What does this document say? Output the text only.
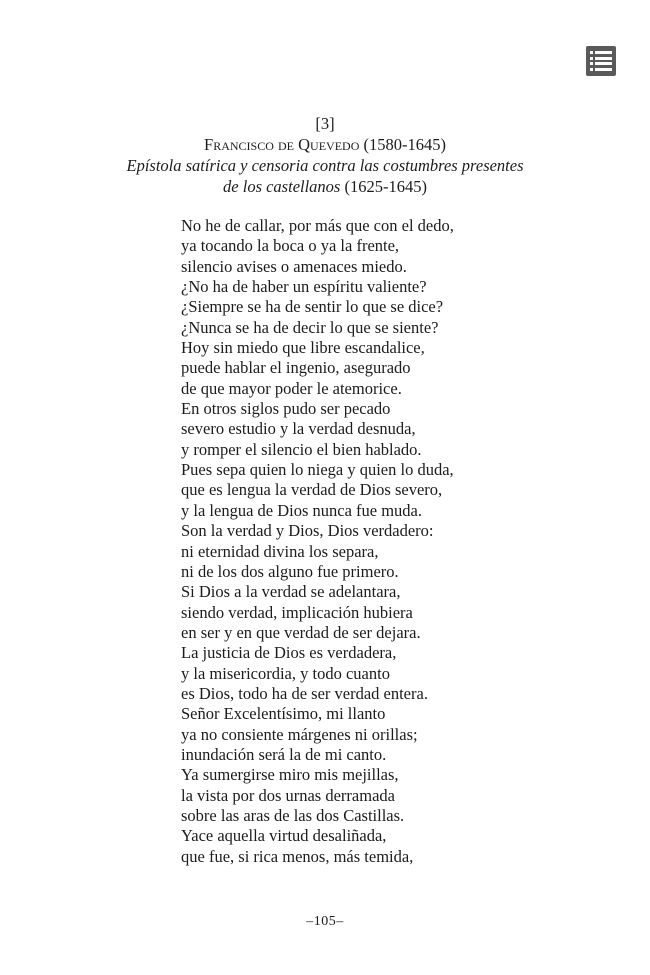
[3]
Francisco de Quevedo (1580-1645)
Epístola satírica y censoria contra las costumbres presentes
de los castellanos (1625-1645)
No he de callar, por más que con el dedo,
ya tocando la boca o ya la frente,
silencio avises o amenaces miedo.
¿No ha de haber un espíritu valiente?
¿Siempre se ha de sentir lo que se dice?
¿Nunca se ha de decir lo que se siente?
Hoy sin miedo que libre escandalice,
puede hablar el ingenio, asegurado
de que mayor poder le atemorice.
En otros siglos pudo ser pecado
severo estudio y la verdad desnuda,
y romper el silencio el bien hablado.
Pues sepa quien lo niega y quien lo duda,
que es lengua la verdad de Dios severo,
y la lengua de Dios nunca fue muda.
Son la verdad y Dios, Dios verdadero:
ni eternidad divina los separa,
ni de los dos alguno fue primero.
Si Dios a la verdad se adelantara,
siendo verdad, implicación hubiera
en ser y en que verdad de ser dejara.
La justicia de Dios es verdadera,
y la misericordia, y todo cuanto
es Dios, todo ha de ser verdad entera.
Señor Excelentísimo, mi llanto
ya no consiente márgenes ni orillas;
inundación será la de mi canto.
Ya sumergirse miro mis mejillas,
la vista por dos urnas derramada
sobre las aras de las dos Castillas.
Yace aquella virtud desaliñada,
que fue, si rica menos, más temida,
–105–
